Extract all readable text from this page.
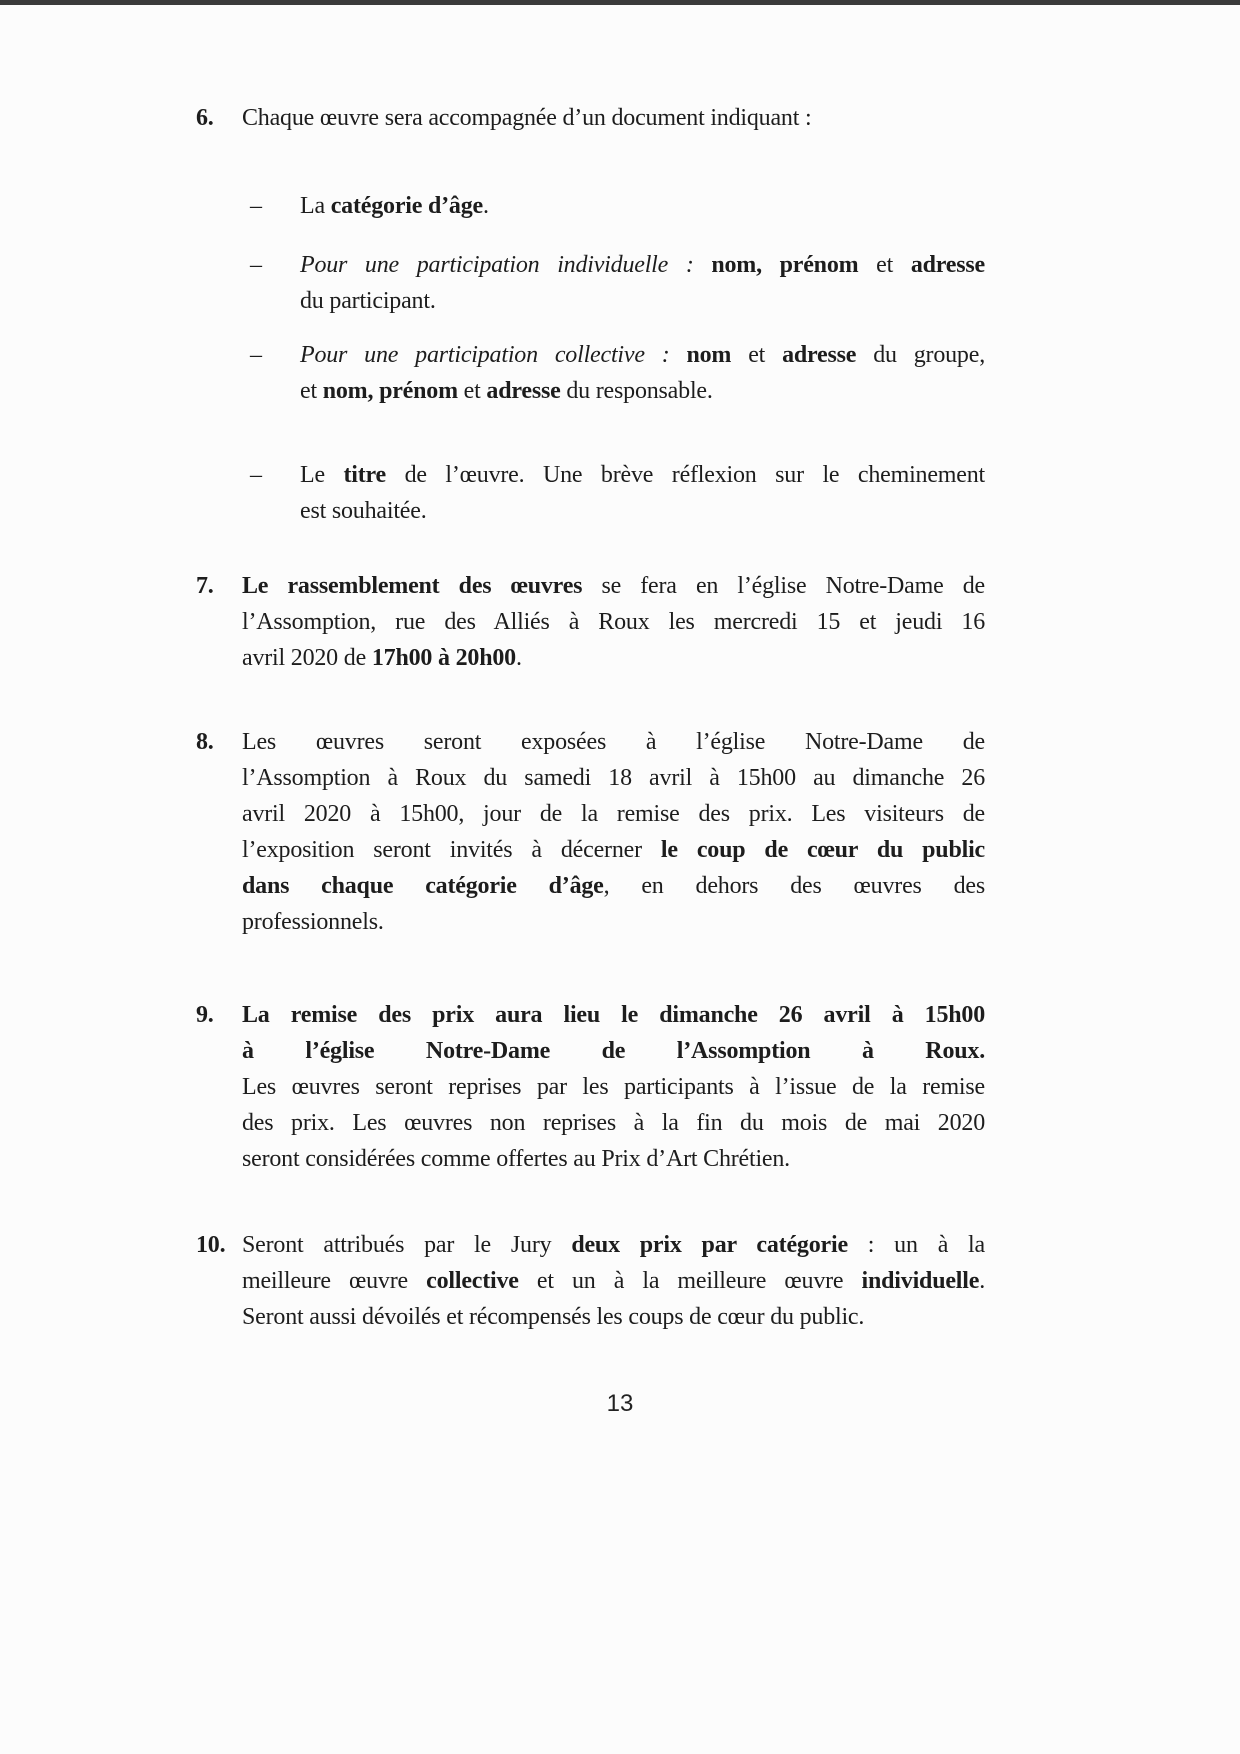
6.	Chaque œuvre sera accompagnée d’un document indiquant :
–	La catégorie d’âge.
–	Pour une participation individuelle : nom, prénom et adresse
du participant.
–	Pour une participation collective : nom et adresse du groupe,
et nom, prénom et adresse du responsable.
–	Le titre de l’œuvre. Une brève réflexion sur le cheminement
est souhaitée.
7.	Le rassemblement des œuvres se fera en l’église Notre-Dame de
l’Assomption, rue des Alliés à Roux les mercredi 15 et jeudi 16
avril 2020 de 17h00 à 20h00.
8.	Les œuvres seront exposées à l’église Notre-Dame de
l’Assomption à Roux du samedi 18 avril à 15h00 au dimanche 26
avril 2020 à 15h00, jour de la remise des prix. Les visiteurs de
l’exposition seront invités à décerner le coup de cœur du public
dans chaque catégorie d’âge, en dehors des œuvres des
professionnels.
9.	La remise des prix aura lieu le dimanche 26 avril à 15h00
à l’église Notre-Dame de l’Assomption à Roux.
Les œuvres seront reprises par les participants à l’issue de la remise
des prix. Les œuvres non reprises à la fin du mois de mai 2020
seront considérées comme offertes au Prix d’Art Chrétien.
10. Seront attribués par le Jury deux prix par catégorie : un à la
meilleure œuvre collective et un à la meilleure œuvre individuelle.
Seront aussi dévoilés et récompensés les coups de cœur du public.
13
